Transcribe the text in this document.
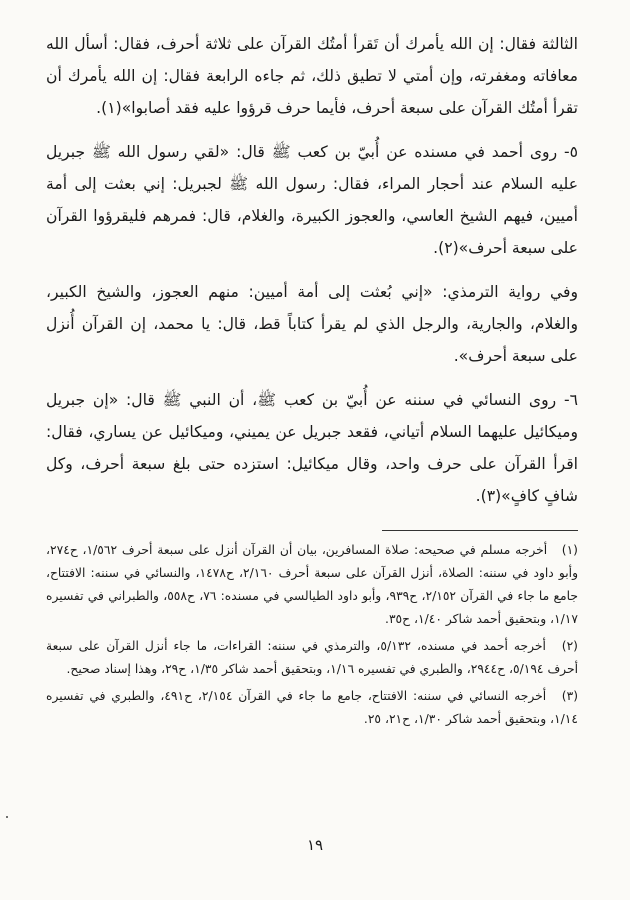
الثالثة فقال: إن الله يأمرك أن تَقرأ أمتُك القرآن على ثلاثة أحرف، فقال: أسأل الله معافاته ومغفرته، وإن أمتي لا تطيق ذلك، ثم جاءه الرابعة فقال: إن الله يأمرك أن تقرأ أمتُك القرآن على سبعة أحرف، فأيما حرف قرؤوا عليه فقد أصابوا»(١).

٥- روى أحمد في مسنده عن أُبيّ بن كعب ﷺ قال: «لقي رسول الله ﷺ جبريل عليه السلام عند أحجار المراء، فقال: رسول الله ﷺ لجبريل: إني بعثت إلى أمة أميين، فيهم الشيخ العاسي، والعجوز الكبيرة، والغلام، قال: فمرهم فليقرؤوا القرآن على سبعة أحرف»(٢).

وفي رواية الترمذي: «إني بُعثت إلى أمة أميين: منهم العجوز، والشيخ الكبير، والغلام، والجارية، والرجل الذي لم يقرأ كتاباً قط، قال: يا محمد، إن القرآن أُنزل على سبعة أحرف».

٦- روى النسائي في سننه عن أُبيّ بن كعب ﷺ، أن النبي ﷺ قال: «إن جبريل وميكائيل عليهما السلام أتياني، فقعد جبريل عن يميني، وميكائيل عن يساري، فقال: اقرأ القرآن على حرف واحد، وقال ميكائيل: استزده حتى بلغ سبعة أحرف، وكل شافٍ كافٍ»(٣).

(١) أخرجه مسلم في صحيحه: صلاة المسافرين، بيان أن القرآن أنزل على سبعة أحرف ١/٥٦٢، ح٢٧٤، وأبو داود في سننه: الصلاة، أنزل القرآن على سبعة أحرف ٢/١٦٠، ح١٤٧٨، والنسائي في سننه: الافتتاح، جامع ما جاء في القرآن ٢/١٥٢، ح٩٣٩، وأبو داود الطيالسي في مسنده: ٧٦، ح٥٥٨، والطبراني في تفسيره ١/١٧، وبتحقيق أحمد شاكر ١/٤٠، ح٣٥.

(٢) أخرجه أحمد في مسنده، ٥/١٣٢، والترمذي في سننه: القراءات، ما جاء أنزل القرآن على سبعة أحرف ٥/١٩٤، ح٢٩٤٤، والطبري في تفسيره ١/١٦، وبتحقيق أحمد شاكر ١/٣٥، ح٢٩، وهذا إسناد صحيح.

(٣) أخرجه النسائي في سننه: الافتتاح، جامع ما جاء في القرآن ٢/١٥٤، ح٤٩١، والطبري في تفسيره ١/١٤، وبتحقيق أحمد شاكر ١/٣٠، ح٢١، ٢٥.

١٩
